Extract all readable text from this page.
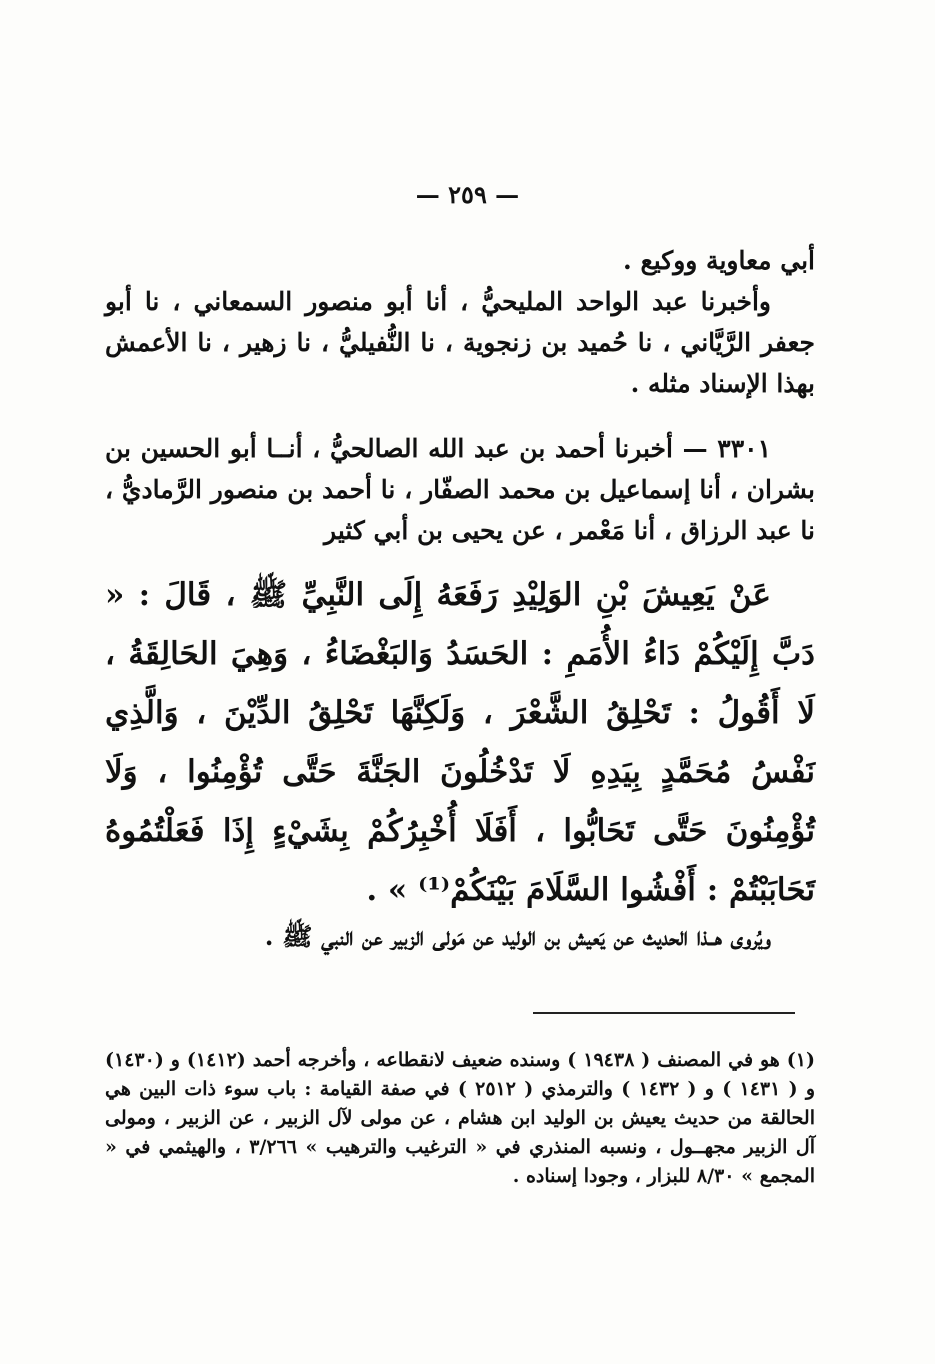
— ٢٥٩ —

أبي معاوية ووكيع .

وأخبرنا عبد الواحد المليحيُّ ، أنا أبو منصور السمعاني ، نا أبو جعفر الرَّيَّاني ، نا حُميد بن زنجوية ، نا النُّفيليُّ ، نا زهير ، نا الأعمش بهذا الإسناد مثله .

٣٣٠١ — أخبرنا أحمد بن عبد الله الصالحيُّ ، أنــا أبو الحسين بن بشران ، أنا إسماعيل بن محمد الصفّار ، نا أحمد بن منصور الرَّماديُّ ، نا عبد الرزاق ، أنا مَعْمر ، عن يحيى بن أبي كثير

عَنْ يَعِيشَ بْنِ الوَلِيْدِ رَفَعَهُ إِلَى النَّبِيِّ ﷺ ، قَالَ : « دَبَّ إِلَيْكُمْ دَاءُ الأُمَمِ : الحَسَدُ وَالبَغْضَاءُ ، وَهِيَ الحَالِقَةُ ، لَا أَقُولُ : تَحْلِقُ الشَّعْرَ ، وَلَكِنَّهَا تَحْلِقُ الدِّيْنَ ، وَالَّذِي نَفْسُ مُحَمَّدٍ بِيَدِهِ لَا تَدْخُلُونَ الجَنَّةَ حَتَّى تُؤْمِنُوا ، وَلَا تُؤْمِنُونَ حَتَّى تَحَابُّوا ، أَفَلَا أُخْبِرُكُمْ بِشَيْءٍ إِذَا فَعَلْتُمُوهُ تَحَابَبْتُمْ : أَفْشُوا السَّلَامَ بَيْنَكُمْ⁽¹⁾ » .

ويُروى هــذا الحديث عن يَعيش بن الوليد عن مَولى الزبير عن النبي ﷺ .

(١) هو في المصنف ( ١٩٤٣٨ ) وسنده ضعيف لانقطاعه ، وأخرجه أحمد (١٤١٢) و (١٤٣٠) و ( ١٤٣١ ) و ( ١٤٣٢ ) والترمذي ( ٢٥١٢ ) في صفة القيامة : باب سوء ذات البين هي الحالقة من حديث يعيش بن الوليد ابن هشام ، عن مولى لآل الزبير ، عن الزبير ، ومولى آل الزبير مجهــول ، ونسبه المنذري في « الترغيب والترهيب » ٣/٢٦٦ ، والهيثمي في « المجمع » ٨/٣٠ للبزار ، وجودا إسناده .
